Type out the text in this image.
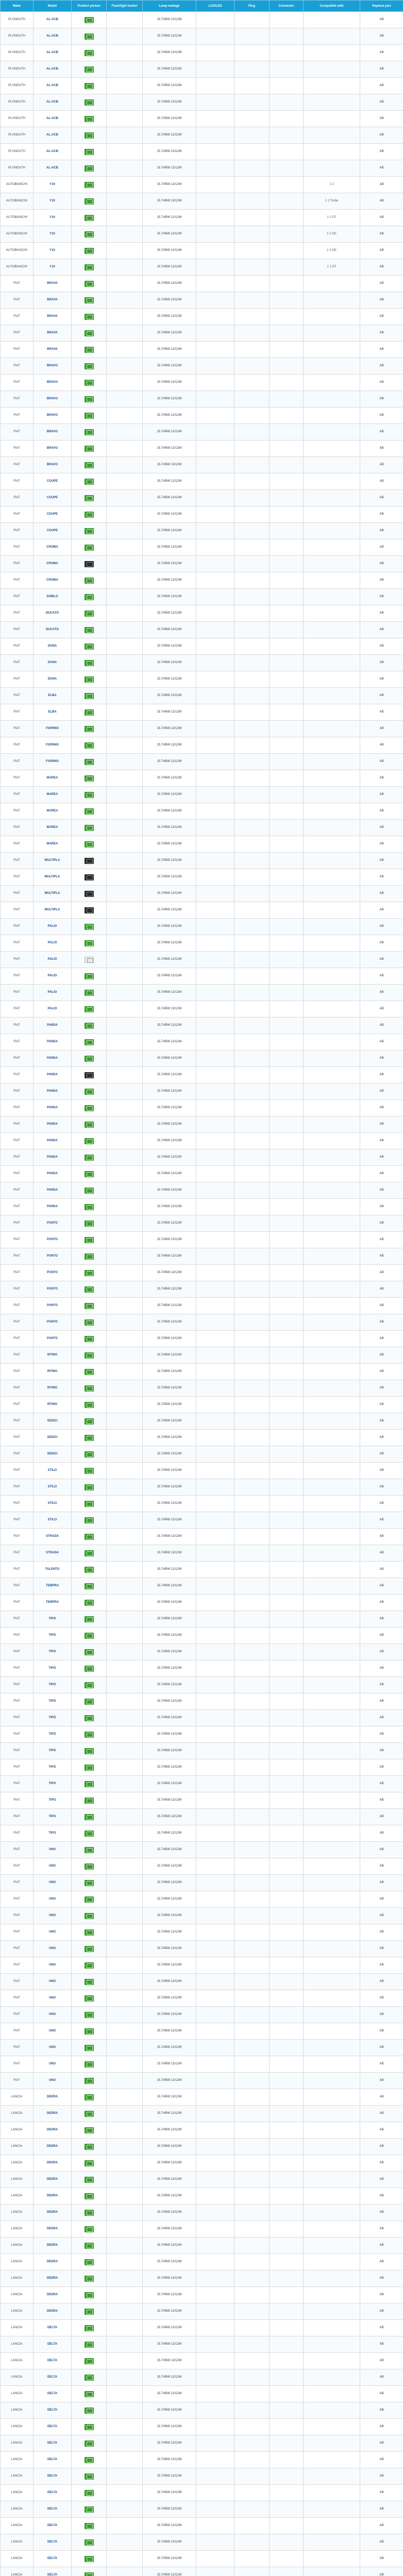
Make	Model	Product picture	Flash/light button	Lamp wattage	LCD/LED	Plug	Connector	Compatible with	Replace part
PLYMOUTH	AL-ACB			15.7/45W 12/12W					AB
PLYMOUTH	AL-ACB			15.7/45W 12/12W					AB
PLYMOUTH	AL-ACB			15.7/45W 12/12W					AB
PLYMOUTH	AL-ACB			15.7/45W 12/12W					AB
PLYMOUTH	AL-ACB			15.7/45W 12/12W					AB
PLYMOUTH	AL-ACB			15.7/45W 12/12W					AB
PLYMOUTH	AL-ACB			15.7/45W 12/12W					AB
PLYMOUTH	AL-ACB			15.7/45W 12/12W					AB
PLYMOUTH	AL-ACB			15.7/45W 12/12W					AB
PLYMOUTH	AL-ACB			15.7/45W 12/12W					AB
AUTOBIANCHI	Y10			15.7/45W 12/12W				1 2	AB
AUTOBIANCHI	Y10			15.7/45W 12/12W				1 2 Turbo	AB
AUTOBIANCHI	Y10			15.7/45W 12/12W				1 2 GT	AB
AUTOBIANCHI	Y10			15.7/45W 12/12W				1 2 GE	AB
AUTOBIANCHI	Y10			15.7/45W 12/12W				1 2 GE	AB
AUTOBIANCHI	Y10			15.7/45W 12/12W				1 1 GT	AB
FIAT	BRAVA			15.7/45W 12/12W					AB
FIAT	BRAVA			15.7/45W 12/12W					AB
FIAT	BRAVA			15.7/45W 12/12W					AB
FIAT	BRAVA			15.7/45W 12/12W					AB
FIAT	BRAVA			15.7/45W 12/12W					AB
FIAT	BRAVO			15.7/45W 12/12W					AB
FIAT	BRAVO			15.7/45W 12/12W					AB
FIAT	BRAVO			15.7/45W 12/12W					AB
FIAT	BRAVO			15.7/45W 12/12W					AB
FIAT	BRAVO			15.7/45W 12/12W					AB
FIAT	BRAVO			15.7/45W 12/12W					AB
FIAT	BRAVO			15.7/45W 12/12W					AB
FIAT	COUPE			15.7/45W 12/12W					AB
FIAT	COUPE			15.7/45W 12/12W					AB
FIAT	COUPE			15.7/45W 12/12W					AB
FIAT	COUPE			15.7/45W 12/12W					AB
FIAT	CROMA			15.7/45W 12/12W					AB
FIAT	CROMA			15.7/45W 12/12W					AB
FIAT	CROMA			15.7/45W 12/12W					AB
FIAT	DOBLO			15.7/45W 12/12W					AB
FIAT	DUCATO			15.7/45W 12/12W					AB
FIAT	DUCATO			15.7/45W 12/12W					AB
FIAT	DUNA			15.7/45W 12/12W					AB
FIAT	DUNA			15.7/45W 12/12W					AB
FIAT	DUNA			15.7/45W 12/12W					AB
FIAT	ELBA			15.7/45W 12/12W					AB
FIAT	ELBA			15.7/45W 12/12W					AB
FIAT	FIORINO			15.7/45W 12/12W					AB
FIAT	FIORINO			15.7/45W 12/12W					AB
FIAT	FIORINO			15.7/45W 12/12W					AB
FIAT	MAREA			15.7/45W 12/12W					AB
FIAT	MAREA			15.7/45W 12/12W					AB
FIAT	MAREA			15.7/45W 12/12W					AB
FIAT	MAREA			15.7/45W 12/12W					AB
FIAT	MAREA			15.7/45W 12/12W					AB
FIAT	MULTIPLA			15.7/45W 12/12W					AB
FIAT	MULTIPLA			15.7/45W 12/12W					AB
FIAT	MULTIPLA			15.7/45W 12/12W					AB
FIAT	MULTIPLA			15.7/45W 12/12W					AB
FIAT	PALIO			15.7/45W 12/12W					AB
FIAT	PALIO			15.7/45W 12/12W					AB
FIAT	PALIO			15.7/45W 12/12W					AB
FIAT	PALIO			15.7/45W 12/12W					AB
FIAT	PALIO			15.7/45W 12/12W					AB
FIAT	PALIO			15.7/45W 12/12W					AB
FIAT	PANDA			15.7/45W 12/12W					AB
FIAT	PANDA			15.7/45W 12/12W					AB
FIAT	PANDA			15.7/45W 12/12W					AB
FIAT	PANDA			15.7/45W 12/12W					AB
FIAT	PANDA			15.7/45W 12/12W					AB
FIAT	PANDA			15.7/45W 12/12W					AB
FIAT	PANDA			15.7/45W 12/12W					AB
FIAT	PANDA			15.7/45W 12/12W					AB
FIAT	PANDA			15.7/45W 12/12W					AB
FIAT	PANDA			15.7/45W 12/12W					AB
FIAT	PANDA			15.7/45W 12/12W					AB
FIAT	PANDA			15.7/45W 12/12W					AB
FIAT	PUNTO			15.7/45W 12/12W					AB
FIAT	PUNTO			15.7/45W 12/12W					AB
FIAT	PUNTO			15.7/45W 12/12W					AB
FIAT	PUNTO			15.7/45W 12/12W					AB
FIAT	PUNTO			15.7/45W 12/12W					AB
FIAT	PUNTO			15.7/45W 12/12W					AB
FIAT	PUNTO			15.7/45W 12/12W					AB
FIAT	PUNTO			15.7/45W 12/12W					AB
FIAT	RITMO			15.7/45W 12/12W					AB
FIAT	RITMO			15.7/45W 12/12W					AB
FIAT	RITMO			15.7/45W 12/12W					AB
FIAT	RITMO			15.7/45W 12/12W					AB
FIAT	SEDICI			15.7/45W 12/12W					AB
FIAT	SEDICI			15.7/45W 12/12W					AB
FIAT	SEDICI			15.7/45W 12/12W					AB
FIAT	STILO			15.7/45W 12/12W					AB
FIAT	STILO			15.7/45W 12/12W					AB
FIAT	STILO			15.7/45W 12/12W					AB
FIAT	STILO			15.7/45W 12/12W					AB
FIAT	STRADA			15.7/45W 12/12W					AB
FIAT	STRADA			15.7/45W 12/12W					AB
FIAT	TALENTO			15.7/45W 12/12W					AB
FIAT	TEMPRA			15.7/45W 12/12W					AB
FIAT	TEMPRA			15.7/45W 12/12W					AB
FIAT	TIPO			15.7/45W 12/12W					AB
FIAT	TIPO			15.7/45W 12/12W					AB
FIAT	TIPO			15.7/45W 12/12W					AB
FIAT	TIPO			15.7/45W 12/12W					AB
FIAT	TIPO			15.7/45W 12/12W					AB
FIAT	TIPO			15.7/45W 12/12W					AB
FIAT	TIPO			15.7/45W 12/12W					AB
FIAT	TIPO			15.7/45W 12/12W					AB
FIAT	TIPO			15.7/45W 12/12W					AB
FIAT	TIPO			15.7/45W 12/12W					AB
FIAT	TIPO			15.7/45W 12/12W					AB
FIAT	TIPO			15.7/45W 12/12W					AB
FIAT	TIPO			15.7/45W 12/12W					AB
FIAT	TIPO			15.7/45W 12/12W					AB
FIAT	UNO			15.7/45W 12/12W					AB
FIAT	UNO			15.7/45W 12/12W					AB
FIAT	UNO			15.7/45W 12/12W					AB
FIAT	UNO			15.7/45W 12/12W					AB
FIAT	UNO			15.7/45W 12/12W					AB
FIAT	UNO			15.7/45W 12/12W					AB
FIAT	UNO			15.7/45W 12/12W					AB
FIAT	UNO			15.7/45W 12/12W					AB
FIAT	UNO			15.7/45W 12/12W					AB
FIAT	UNO			15.7/45W 12/12W					AB
FIAT	UNO			15.7/45W 12/12W					AB
FIAT	UNO			15.7/45W 12/12W					AB
FIAT	UNO			15.7/45W 12/12W					AB
FIAT	UNO			15.7/45W 12/12W					AB
FIAT	UNO			15.7/45W 12/12W					AB
LANCIA	DEDRA			15.7/45W 12/12W					AB
LANCIA	DEDRA			15.7/45W 12/12W					AB
LANCIA	DEDRA			15.7/45W 12/12W					AB
LANCIA	DEDRA			15.7/45W 12/12W					AB
LANCIA	DEDRA			15.7/45W 12/12W					AB
LANCIA	DEDRA			15.7/45W 12/12W					AB
LANCIA	DEDRA			15.7/45W 12/12W					AB
LANCIA	DEDRA			15.7/45W 12/12W					AB
LANCIA	DEDRA			15.7/45W 12/12W					AB
LANCIA	DEDRA			15.7/45W 12/12W					AB
LANCIA	DEDRA			15.7/45W 12/12W					AB
LANCIA	DEDRA			15.7/45W 12/12W					AB
LANCIA	DEDRA			15.7/45W 12/12W					AB
LANCIA	DEDRA			15.7/45W 12/12W					AB
LANCIA	DELTA			15.7/45W 12/12W					AB
LANCIA	DELTA			15.7/45W 12/12W					AB
LANCIA	DELTA			15.7/45W 12/12W					AB
LANCIA	DELTA			15.7/45W 12/12W					AB
LANCIA	DELTA			15.7/45W 12/12W					AB
LANCIA	DELTA			15.7/45W 12/12W					AB
LANCIA	DELTA			15.7/45W 12/12W					AB
LANCIA	DELTA			15.7/45W 12/12W					AB
LANCIA	DELTA			15.7/45W 12/12W					AB
LANCIA	DELTA			15.7/45W 12/12W					AB
LANCIA	DELTA			15.7/45W 12/12W					AB
LANCIA	DELTA			15.7/45W 12/12W					AB
LANCIA	DELTA			15.7/45W 12/12W					AB
LANCIA	DELTA			15.7/45W 12/12W					AB
LANCIA	DELTA			15.7/45W 12/12W					AB
LANCIA	DELTA			15.7/45W 12/12W					AB
